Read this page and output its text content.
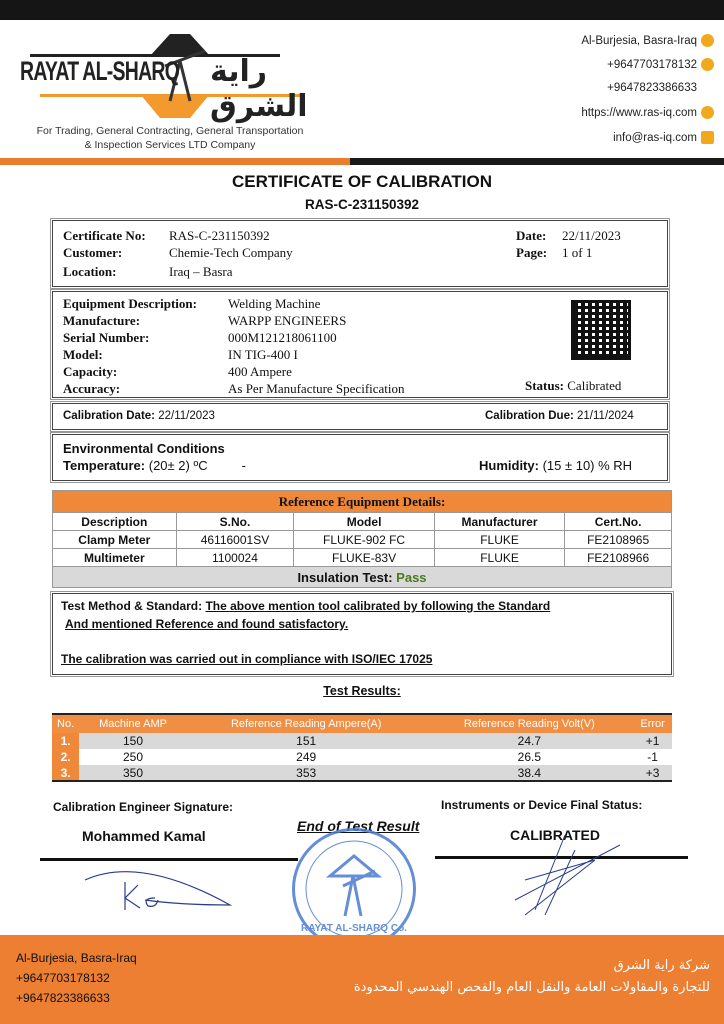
RAYAT AL-SHARQ راية الشرق
For Trading, General Contracting, General Transportation
& Inspection Services LTD Company
Al-Burjesia, Basra-Iraq
+9647703178132
+9647823386633
https://www.ras-iq.com
info@ras-iq.com
CERTIFICATE OF CALIBRATION
RAS-C-231150392
Certificate No:	RAS-C-231150392
Customer:	Chemie-Tech Company
Location:	Iraq – Basra
Date:	22/11/2023
Page:	1 of 1
Equipment Description:	Welding Machine
Manufacture:	WARPP ENGINEERS
Serial Number:	000M121218061100
Model:	IN TIG-400 I
Capacity:	400 Ampere
Accuracy:	As Per Manufacture Specification	Status:
Calibrated
Calibration Date:
22/11/2023	Calibration Due:
21/11/2024
Environmental Conditions
Temperature:
(20± 2) ºC	-	Humidity:
(15 ± 10) % RH
Reference Equipment Details:				
Description	S.No.	Model	Manufacturer	Cert.No.
Clamp Meter	46116001SV	FLUKE-902 FC	FLUKE	FE2108965
Multimeter	1100024	FLUKE-83V	FLUKE	FE2108966
Insulation Test: Pass				
Test Method & Standard: The above mention tool calibrated by following the Standard
And mentioned Reference and found satisfactory.
The calibration was carried out in compliance with ISO/IEC 17025
Test Results:
No.	Machine AMP	Reference Reading Ampere(A)	Reference Reading Volt(V)	Error
1.	150	151	24.7	+1
2.	250	249	26.5	-1
3.	350	353	38.4	+3
Calibration Engineer Signature:
Mohammed Kamal
End of Test Result
Instruments or Device Final Status:
CALIBRATED
RAYAT AL-SHARQ Co.
Al-Burjesia, Basra-Iraq
+9647703178132
+9647823386633
شركة راية الشرق
للتجارة والمقاولات العامة والنقل العام والفحص الهندسي المحدودة
